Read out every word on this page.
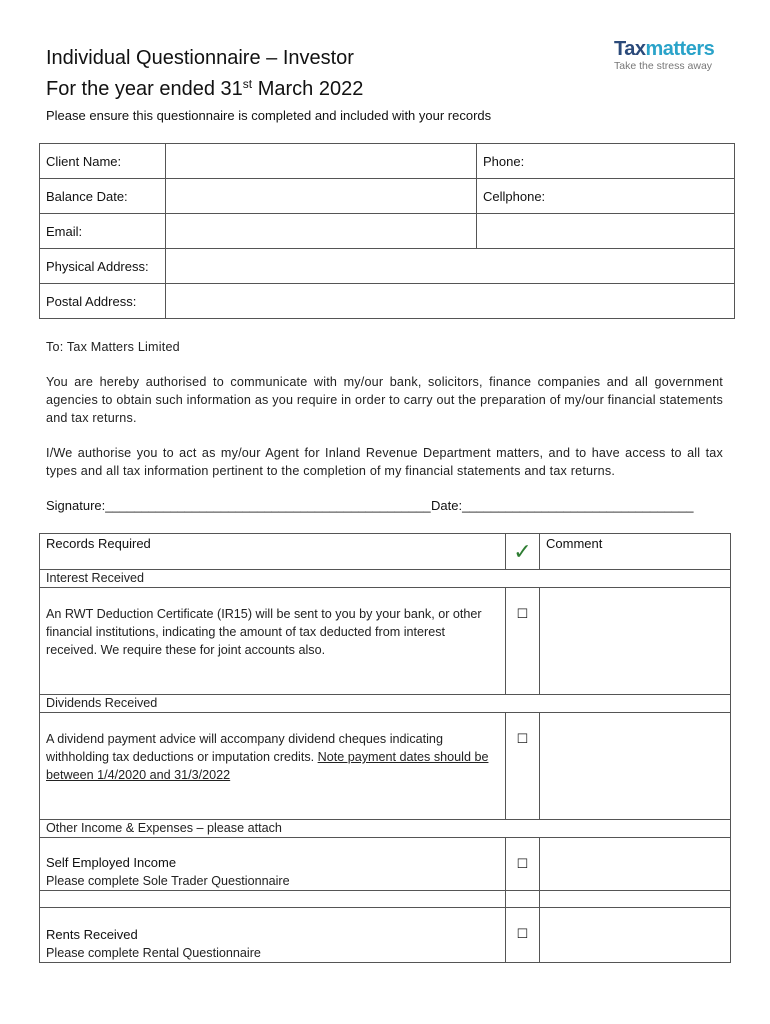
Individual Questionnaire – Investor
For the year ended 31st March 2022
Taxmatters
Take the stress away
Please ensure this questionnaire is completed and included with your records
Client Name:		Phone:
Balance Date:		Cellphone:
Email:		
Physical Address:		
Postal Address:		
To: Tax Matters Limited
You are hereby authorised to communicate with my/our bank, solicitors, finance companies and all government agencies to obtain such information as you require in order to carry out the preparation of my/our financial statements and tax returns.
I/We authorise you to act as my/our Agent for Inland Revenue Department matters, and to have access to all tax types and all tax information pertinent to the completion of my financial statements and tax returns.
Signature:_____________________________________________ Date:________________________________
Records Required	✓	Comment
Interest Received		
An RWT Deduction Certificate (IR15) will be sent to you by your bank, or other financial institutions, indicating the amount of tax deducted from interest received. We require these for joint accounts also.	☐	
Dividends Received		
A dividend payment advice will accompany dividend cheques indicating withholding tax deductions or imputation credits. Note payment dates should be between 1/4/2020 and 31/3/2022	☐	
Other Income & Expenses – please attach		

Self Employed Income
Please complete Sole Trader Questionnaire	☐	

Rents Received
Please complete Rental Questionnaire	☐	
